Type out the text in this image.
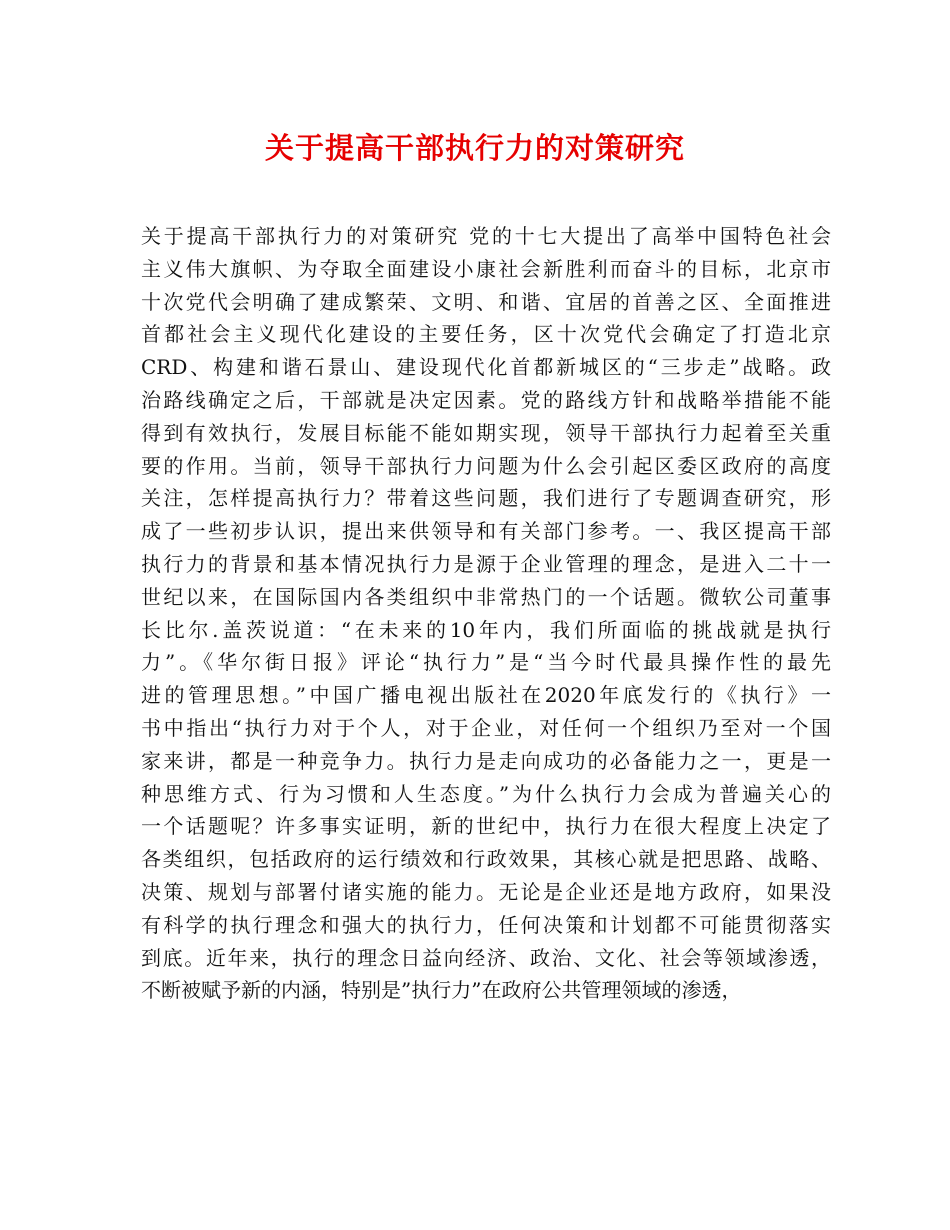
关于提高干部执行力的对策研究
关于提高干部执行力的对策研究 党的十七大提出了高举中国特色社会
主义伟大旗帜、为夺取全面建设小康社会新胜利而奋斗的目标，北京市
十次党代会明确了建成繁荣、文明、和谐、宜居的首善之区、全面推进
首都社会主义现代化建设的主要任务，区十次党代会确定了打造北京
CRD、构建和谐石景山、建设现代化首都新城区的“三步走”战略。政
治路线确定之后，干部就是决定因素。党的路线方针和战略举措能不能
得到有效执行，发展目标能不能如期实现，领导干部执行力起着至关重
要的作用。当前，领导干部执行力问题为什么会引起区委区政府的高度
关注，怎样提高执行力？带着这些问题，我们进行了专题调查研究，形
成了一些初步认识，提出来供领导和有关部门参考。一、我区提高干部
执行力的背景和基本情况执行力是源于企业管理的理念，是进入二十一
世纪以来，在国际国内各类组织中非常热门的一个话题。微软公司董事
长比尔.盖茨说道：“在未来的10年内，我们所面临的挑战就是执行
力”。《华尔街日报》评论“执行力”是“当今时代最具操作性的最先
进的管理思想。”中国广播电视出版社在2020年底发行的《执行》一
书中指出“执行力对于个人，对于企业，对任何一个组织乃至对一个国
家来讲，都是一种竞争力。执行力是走向成功的必备能力之一，更是一
种思维方式、行为习惯和人生态度。”为什么执行力会成为普遍关心的
一个话题呢？许多事实证明，新的世纪中，执行力在很大程度上决定了
各类组织，包括政府的运行绩效和行政效果，其核心就是把思路、战略、
决策、规划与部署付诸实施的能力。无论是企业还是地方政府，如果没
有科学的执行理念和强大的执行力，任何决策和计划都不可能贯彻落实
到底。近年来，执行的理念日益向经济、政治、文化、社会等领域渗透，
不断被赋予新的内涵，特别是”执行力”在政府公共管理领域的渗透，
